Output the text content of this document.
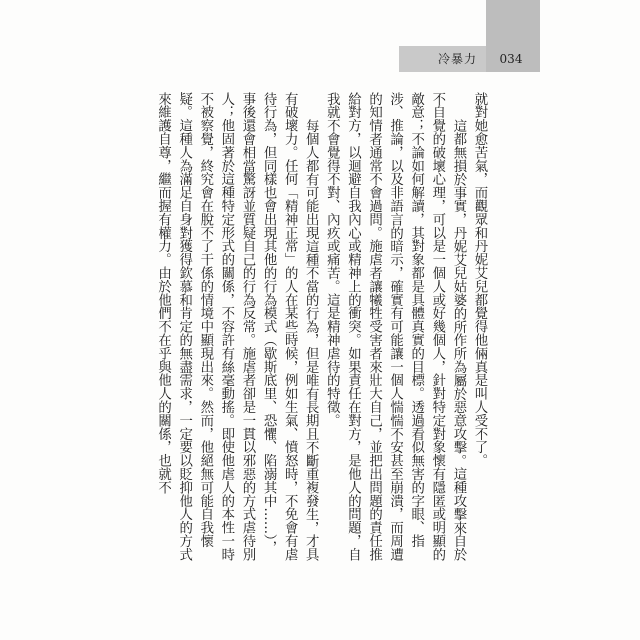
冷暴力	034

就對她愈苦氣，而觀眾和丹妮艾兒都覺得他倆真是叫人受不了。

這都無損於事實，丹妮艾兒姑婆的所作所為屬於惡意攻擊。這種攻擊來自於不自覺的破壞心理，可以是一個人或好幾個人，針對特定對象懷有隱匿或明顯的敵意；不論如何解讀，其對象都是具體真實的目標。透過看似無害的字眼、指涉、推論，以及非語言的暗示，確實有可能讓一個人惴惴不安甚至崩潰，而周遭的知情者通常不會過問。施虐者讓犧牲受害者來壯大自己，並把出問題的責任推給對方，以迴避自我內心或精神上的衝突。如果責任在對方，是他人的問題，自我就不會覺得不對、內疚或痛苦。這是精神虐待的特徵。

每個人都有可能出現這種不當的行為，但是唯有長期且不斷重複發生，才具有破壞力。任何「精神正常」的人在某些時候，例如生氣、憤怒時，不免會有虐待行為，但同樣也會出現其他的行為模式（歇斯底里、恐懼、陷溺其中……），事後還會相當驚訝並質疑自己的行為反常。施虐者卻是一貫以邪惡的方式虐待別人；他固著於這種特定形式的關係，不容許有絲毫動搖。即使他虐人的本性一時不被察覺，終究會在脫不了干係的情境中顯現出來。然而，他絕無可能自我懷疑。這種人為滿足自身對獲得欽慕和肯定的無盡需求，一定要以貶抑他人的方式來維護自尊，繼而握有權力。由於他們不在乎與他人的關係，也就不
